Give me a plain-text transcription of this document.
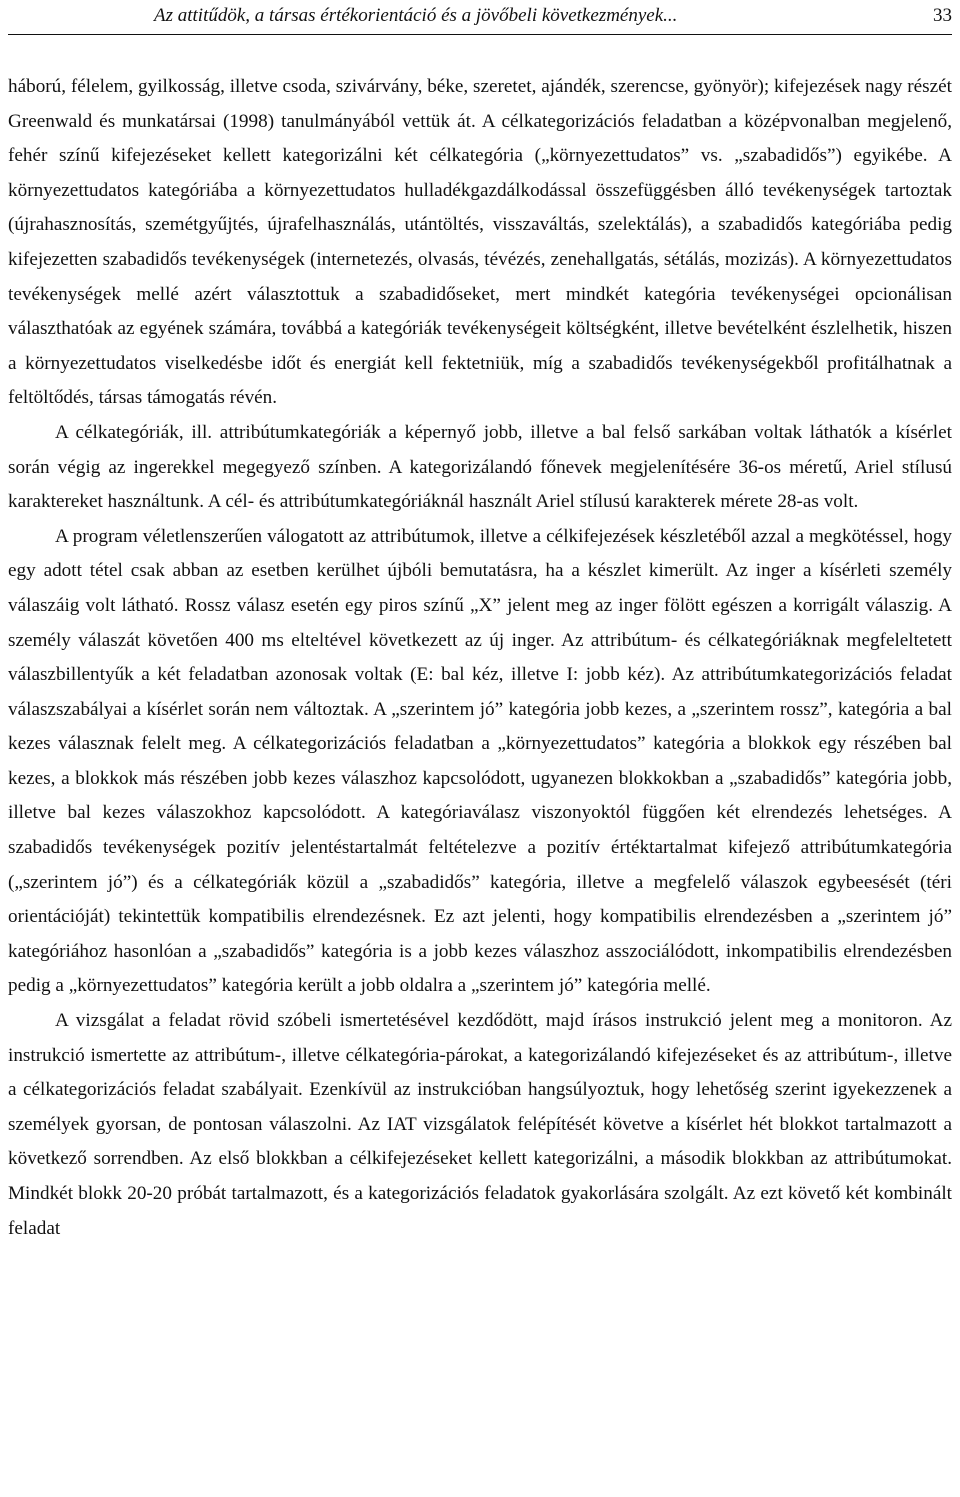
Az attitűdök, a társas értékorientáció és a jövőbeli következmények...	33

háború, félelem, gyilkosság, illetve csoda, szivárvány, béke, szeretet, ajándék, szerencse, gyönyör); kifejezések nagy részét Greenwald és munkatársai (1998) tanulmányából vettük át. A célkategorizációs feladatban a középvonalban megjelenő, fehér színű kifejezéseket kellett kategorizálni két célkategória („környezettudatos” vs. „szabadidős”) egyikébe. A környezettudatos kategóriába a környezettudatos hulladékgazdálkodással összefüggésben álló tevékenységek tartoztak (újrahasznosítás, szemétgyűjtés, újrafelhasználás, utántöltés, visszaváltás, szelektálás), a szabadidős kategóriába pedig kifejezetten szabadidős tevékenységek (internetezés, olvasás, tévézés, zenehallgatás, sétálás, mozizás). A környezettudatos tevékenységek mellé azért választottuk a szabadidőseket, mert mindkét kategória tevékenységei opcionálisan választhatóak az egyének számára, továbbá a kategóriák tevékenységeit költségként, illetve bevételként észlelhetik, hiszen a környezettudatos viselkedésbe időt és energiát kell fektetniük, míg a szabadidős tevékenységekből profitálhatnak a feltöltődés, társas támogatás révén.

A célkategóriák, ill. attribútumkategóriák a képernyő jobb, illetve a bal felső sarkában voltak láthatók a kísérlet során végig az ingerekkel megegyező színben. A kategorizálandó főnevek megjelenítésére 36-os méretű, Ariel stílusú karaktereket használtunk. A cél- és attribútumkategóriáknál használt Ariel stílusú karakterek mérete 28-as volt.

A program véletlenszerűen válogatott az attribútumok, illetve a célkifejezések készletéből azzal a megkötéssel, hogy egy adott tétel csak abban az esetben kerülhet újbóli bemutatásra, ha a készlet kimerült. Az inger a kísérleti személy válaszáig volt látható. Rossz válasz esetén egy piros színű „X” jelent meg az inger fölött egészen a korrigált válaszig. A személy válaszát követően 400 ms elteltével következett az új inger. Az attribútum- és célkategóriáknak megfeleltetett válaszbillentyűk a két feladatban azonosak voltak (E: bal kéz, illetve I: jobb kéz). Az attribútumkategorizációs feladat válaszszabályai a kísérlet során nem változtak. A „szerintem jó” kategória jobb kezes, a „szerintem rossz”, kategória a bal kezes válasznak felelt meg. A célkategorizációs feladatban a „környezettudatos” kategória a blokkok egy részében bal kezes, a blokkok más részében jobb kezes válaszhoz kapcsolódott, ugyanezen blokkokban a „szabadidős” kategória jobb, illetve bal kezes válaszokhoz kapcsolódott. A kategóriaválasz viszonyoktól függően két elrendezés lehetséges. A szabadidős tevékenységek pozitív jelentéstartalmát feltételezve a pozitív értéktartalmat kifejező attribútumkategória („szerintem jó”) és a célkategóriák közül a „szabadidős” kategória, illetve a megfelelő válaszok egybeesését (téri orientációját) tekintettük kompatibilis elrendezésnek. Ez azt jelenti, hogy kompatibilis elrendezésben a „szerintem jó” kategóriához hasonlóan a „szabadidős” kategória is a jobb kezes válaszhoz asszociálódott, inkompatibilis elrendezésben pedig a „környezettudatos” kategória került a jobb oldalra a „szerintem jó” kategória mellé.

A vizsgálat a feladat rövid szóbeli ismertetésével kezdődött, majd írásos instrukció jelent meg a monitoron. Az instrukció ismertette az attribútum-, illetve célkategória-párokat, a kategorizálandó kifejezéseket és az attribútum-, illetve a célkategorizációs feladat szabályait. Ezenkívül az instrukcióban hangsúlyoztuk, hogy lehetőség szerint igyekezzenek a személyek gyorsan, de pontosan válaszolni. Az IAT vizsgálatok felépítését követve a kísérlet hét blokkot tartalmazott a következő sorrendben. Az első blokkban a célkifejezéseket kellett kategorizálni, a második blokkban az attribútumokat. Mindkét blokk 20-20 próbát tartalmazott, és a kategorizációs feladatok gyakorlására szolgált. Az ezt követő két kombinált feladat
